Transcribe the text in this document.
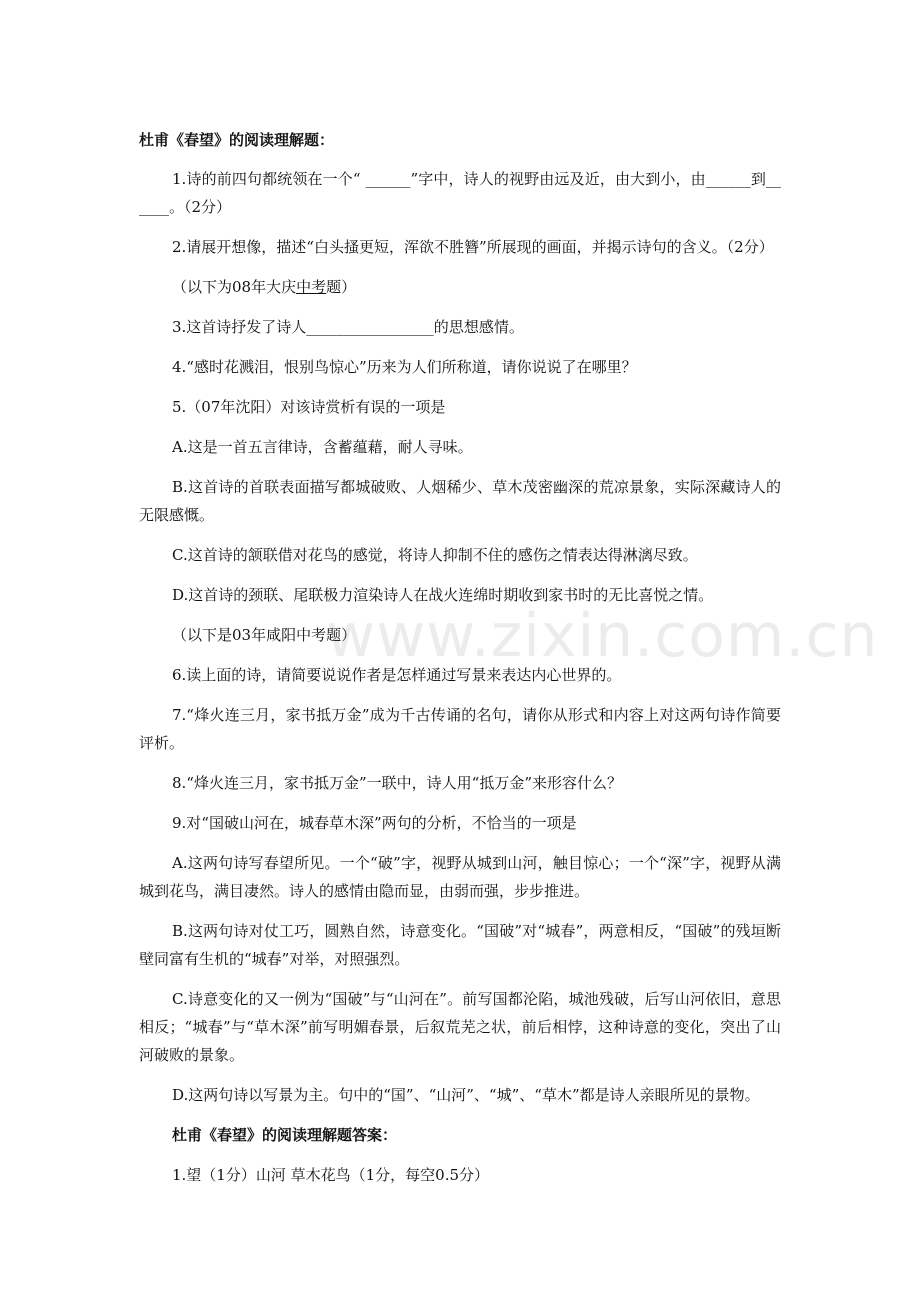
杜甫《春望》的阅读理解题：
1.诗的前四句都统领在一个“ ______”字中，诗人的视野由远及近，由大到小，由______到______。（2分）
2.请展开想像，描述“白头搔更短，浑欲不胜簪”所展现的画面，并揭示诗句的含义。（2分）
（以下为08年大庆中考题）
3.这首诗抒发了诗人_________________的思想感情。
4.“感时花溅泪，恨别鸟惊心”历来为人们所称道，请你说说了在哪里？
5.（07年沈阳）对该诗赏析有误的一项是
A.这是一首五言律诗，含蓄蕴藉，耐人寻味。
B.这首诗的首联表面描写都城破败、人烟稀少、草木茂密幽深的荒凉景象，实际深藏诗人的无限感慨。
C.这首诗的颔联借对花鸟的感觉，将诗人抑制不住的感伤之情表达得淋漓尽致。
D.这首诗的颈联、尾联极力渲染诗人在战火连绵时期收到家书时的无比喜悦之情。
（以下是03年咸阳中考题）
6.读上面的诗，请简要说说作者是怎样通过写景来表达内心世界的。
7.“烽火连三月，家书抵万金”成为千古传诵的名句，请你从形式和内容上对这两句诗作简要评析。
8.“烽火连三月，家书抵万金”一联中，诗人用“抵万金”来形容什么？
9.对“国破山河在，城春草木深”两句的分析，不恰当的一项是
A.这两句诗写春望所见。一个“破”字，视野从城到山河，触目惊心；一个“深”字，视野从满城到花鸟，满目凄然。诗人的感情由隐而显，由弱而强，步步推进。
B.这两句诗对仗工巧，圆熟自然，诗意变化。“国破”对“城春”，两意相反，“国破”的残垣断壁同富有生机的“城春”对举，对照强烈。
C.诗意变化的又一例为“国破”与“山河在”。前写国都沦陷，城池残破，后写山河依旧，意思相反；“城春”与“草木深”前写明媚春景，后叙荒芜之状，前后相悖，这种诗意的变化，突出了山河破败的景象。
D.这两句诗以写景为主。句中的“国”、“山河”、“城”、“草木”都是诗人亲眼所见的景物。
杜甫《春望》的阅读理解题答案：
1.望（1分）山河 草木花鸟（1分，每空0.5分）
www.zixin.com.cn
